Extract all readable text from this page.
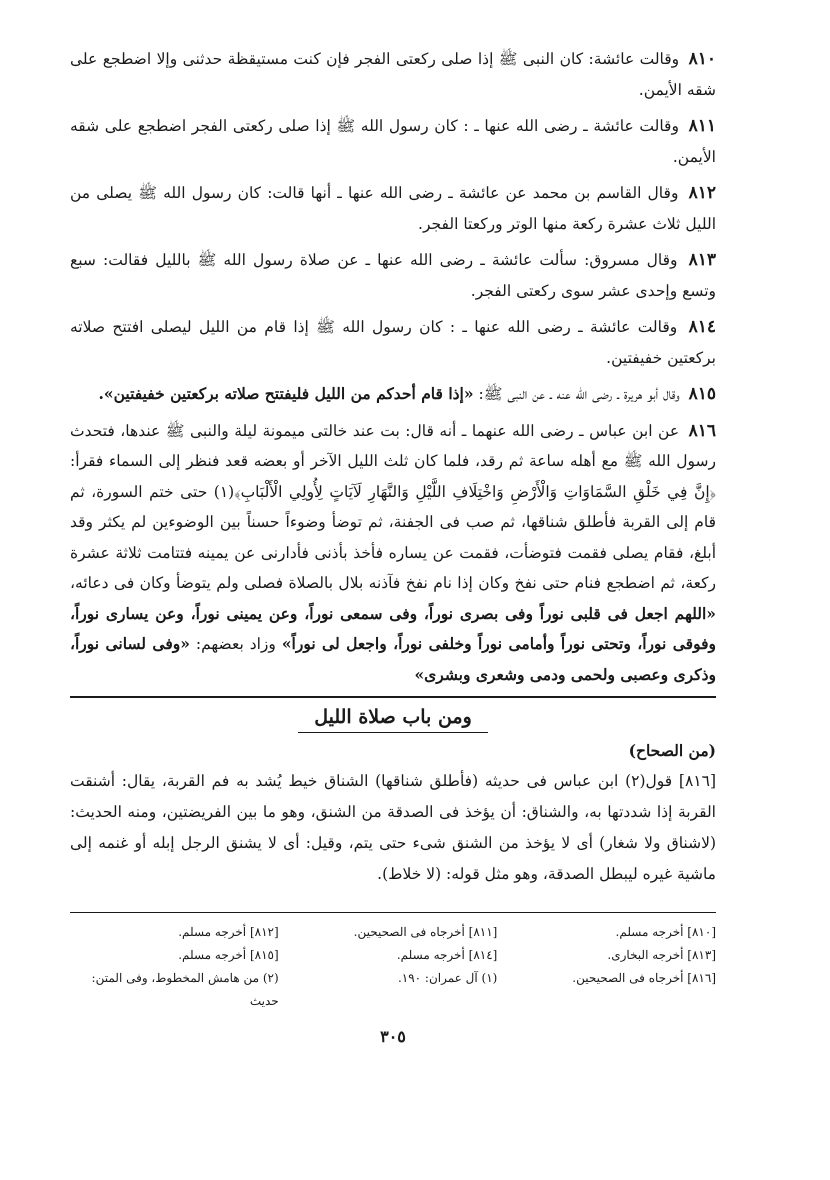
٨١٠ وقالت عائشة: كان النبى ﷺ إذا صلى ركعتى الفجر فإن كنت مستيقظة حدثنى وإلا اضطجع على شقه الأيمن.

٨١١ وقالت عائشة ـ رضى الله عنها ـ : كان رسول الله ﷺ إذا صلى ركعتى الفجر اضطجع على شقه الأيمن.

٨١٢ وقال القاسم بن محمد عن عائشة ـ رضى الله عنها ـ أنها قالت: كان رسول الله ﷺ يصلى من الليل ثلاث عشرة ركعة منها الوتر وركعتا الفجر.

٨١٣ وقال مسروق: سألت عائشة ـ رضى الله عنها ـ عن صلاة رسول الله ﷺ بالليل فقالت: سبع وتسع وإحدى عشر سوى ركعتى الفجر.

٨١٤ وقالت عائشة ـ رضى الله عنها ـ : كان رسول الله ﷺ إذا قام من الليل ليصلى افتتح صلاته بركعتين خفيفتين.

٨١٥ وقال أبو هريرة ـ رضى الله عنه ـ عن النبى ﷺ: «إذا قام أحدكم من الليل فليفتتح صلاته بركعتين خفيفتين».

٨١٦ عن ابن عباس ـ رضى الله عنهما ـ أنه قال: بت عند خالتى ميمونة ليلة والنبى ﷺ عندها، فتحدث رسول الله ﷺ مع أهله ساعة ثم رقد، فلما كان ثلث الليل الآخر أو بعضه قعد فنظر إلى السماء فقرأ: ﴿إِنَّ فِي خَلْقِ السَّمَاوَاتِ وَالْأَرْضِ وَاخْتِلَافِ اللَّيْلِ وَالنَّهَارِ لَآيَاتٍ لِأُولِي الْأَلْبَابِ﴾(١) حتى ختم السورة، ثم قام إلى القربة فأطلق شناقها، ثم صب فى الجفنة، ثم توضأ وضوءاً حسناً بين الوضوءين لم يكثر وقد أبلغ، فقام يصلى فقمت فتوضأت، فقمت عن يساره فأخذ بأذنى فأدارنى عن يمينه فتتامت ثلاثة عشرة ركعة، ثم اضطجع فنام حتى نفخ وكان إذا نام نفخ فآذنه بلال بالصلاة فصلى ولم يتوضأ وكان فى دعائه، «اللهم اجعل فى قلبى نوراً وفى بصرى نوراً، وفى سمعى نوراً، وعن يمينى نوراً، وعن يسارى نوراً، وفوقى نوراً، وتحتى نوراً وأمامى نوراً وخلفى نوراً، واجعل لى نوراً» وزاد بعضهم: «وفى لسانى نوراً، وذكرى وعصبى ولحمى ودمى وشعرى وبشرى»

ومن باب صلاة الليل
(من الصحاح)

[٨١٦] قول(٢) ابن عباس فى حديثه (فأطلق شناقها) الشناق خيط يُشد به فم القربة، يقال: أشنقت القربة إذا شددتها به، والشناق: أن يؤخذ فى الصدقة من الشنق، وهو ما بين الفريضتين، ومنه الحديث: (لاشناق ولا شغار) أى لا يؤخذ من الشنق شىء حتى يتم، وقيل: أى لا يشنق الرجل إبله أو غنمه إلى ماشية غيره ليبطل الصدقة، وهو مثل قوله: (لا خلاط).

[٨١٠] أخرجه مسلم.
[٨١١] أخرجاه فى الصحيحين.
[٨١٢] أخرجه مسلم.
[٨١٣] أخرجه البخارى.
[٨١٤] أخرجه مسلم.
[٨١٥] أخرجه مسلم.
[٨١٦] أخرجاه فى الصحيحين.
(١) آل عمران: ١٩٠.
(٢) من هامش المخطوط، وفى المتن: حديث
٣٠٥
